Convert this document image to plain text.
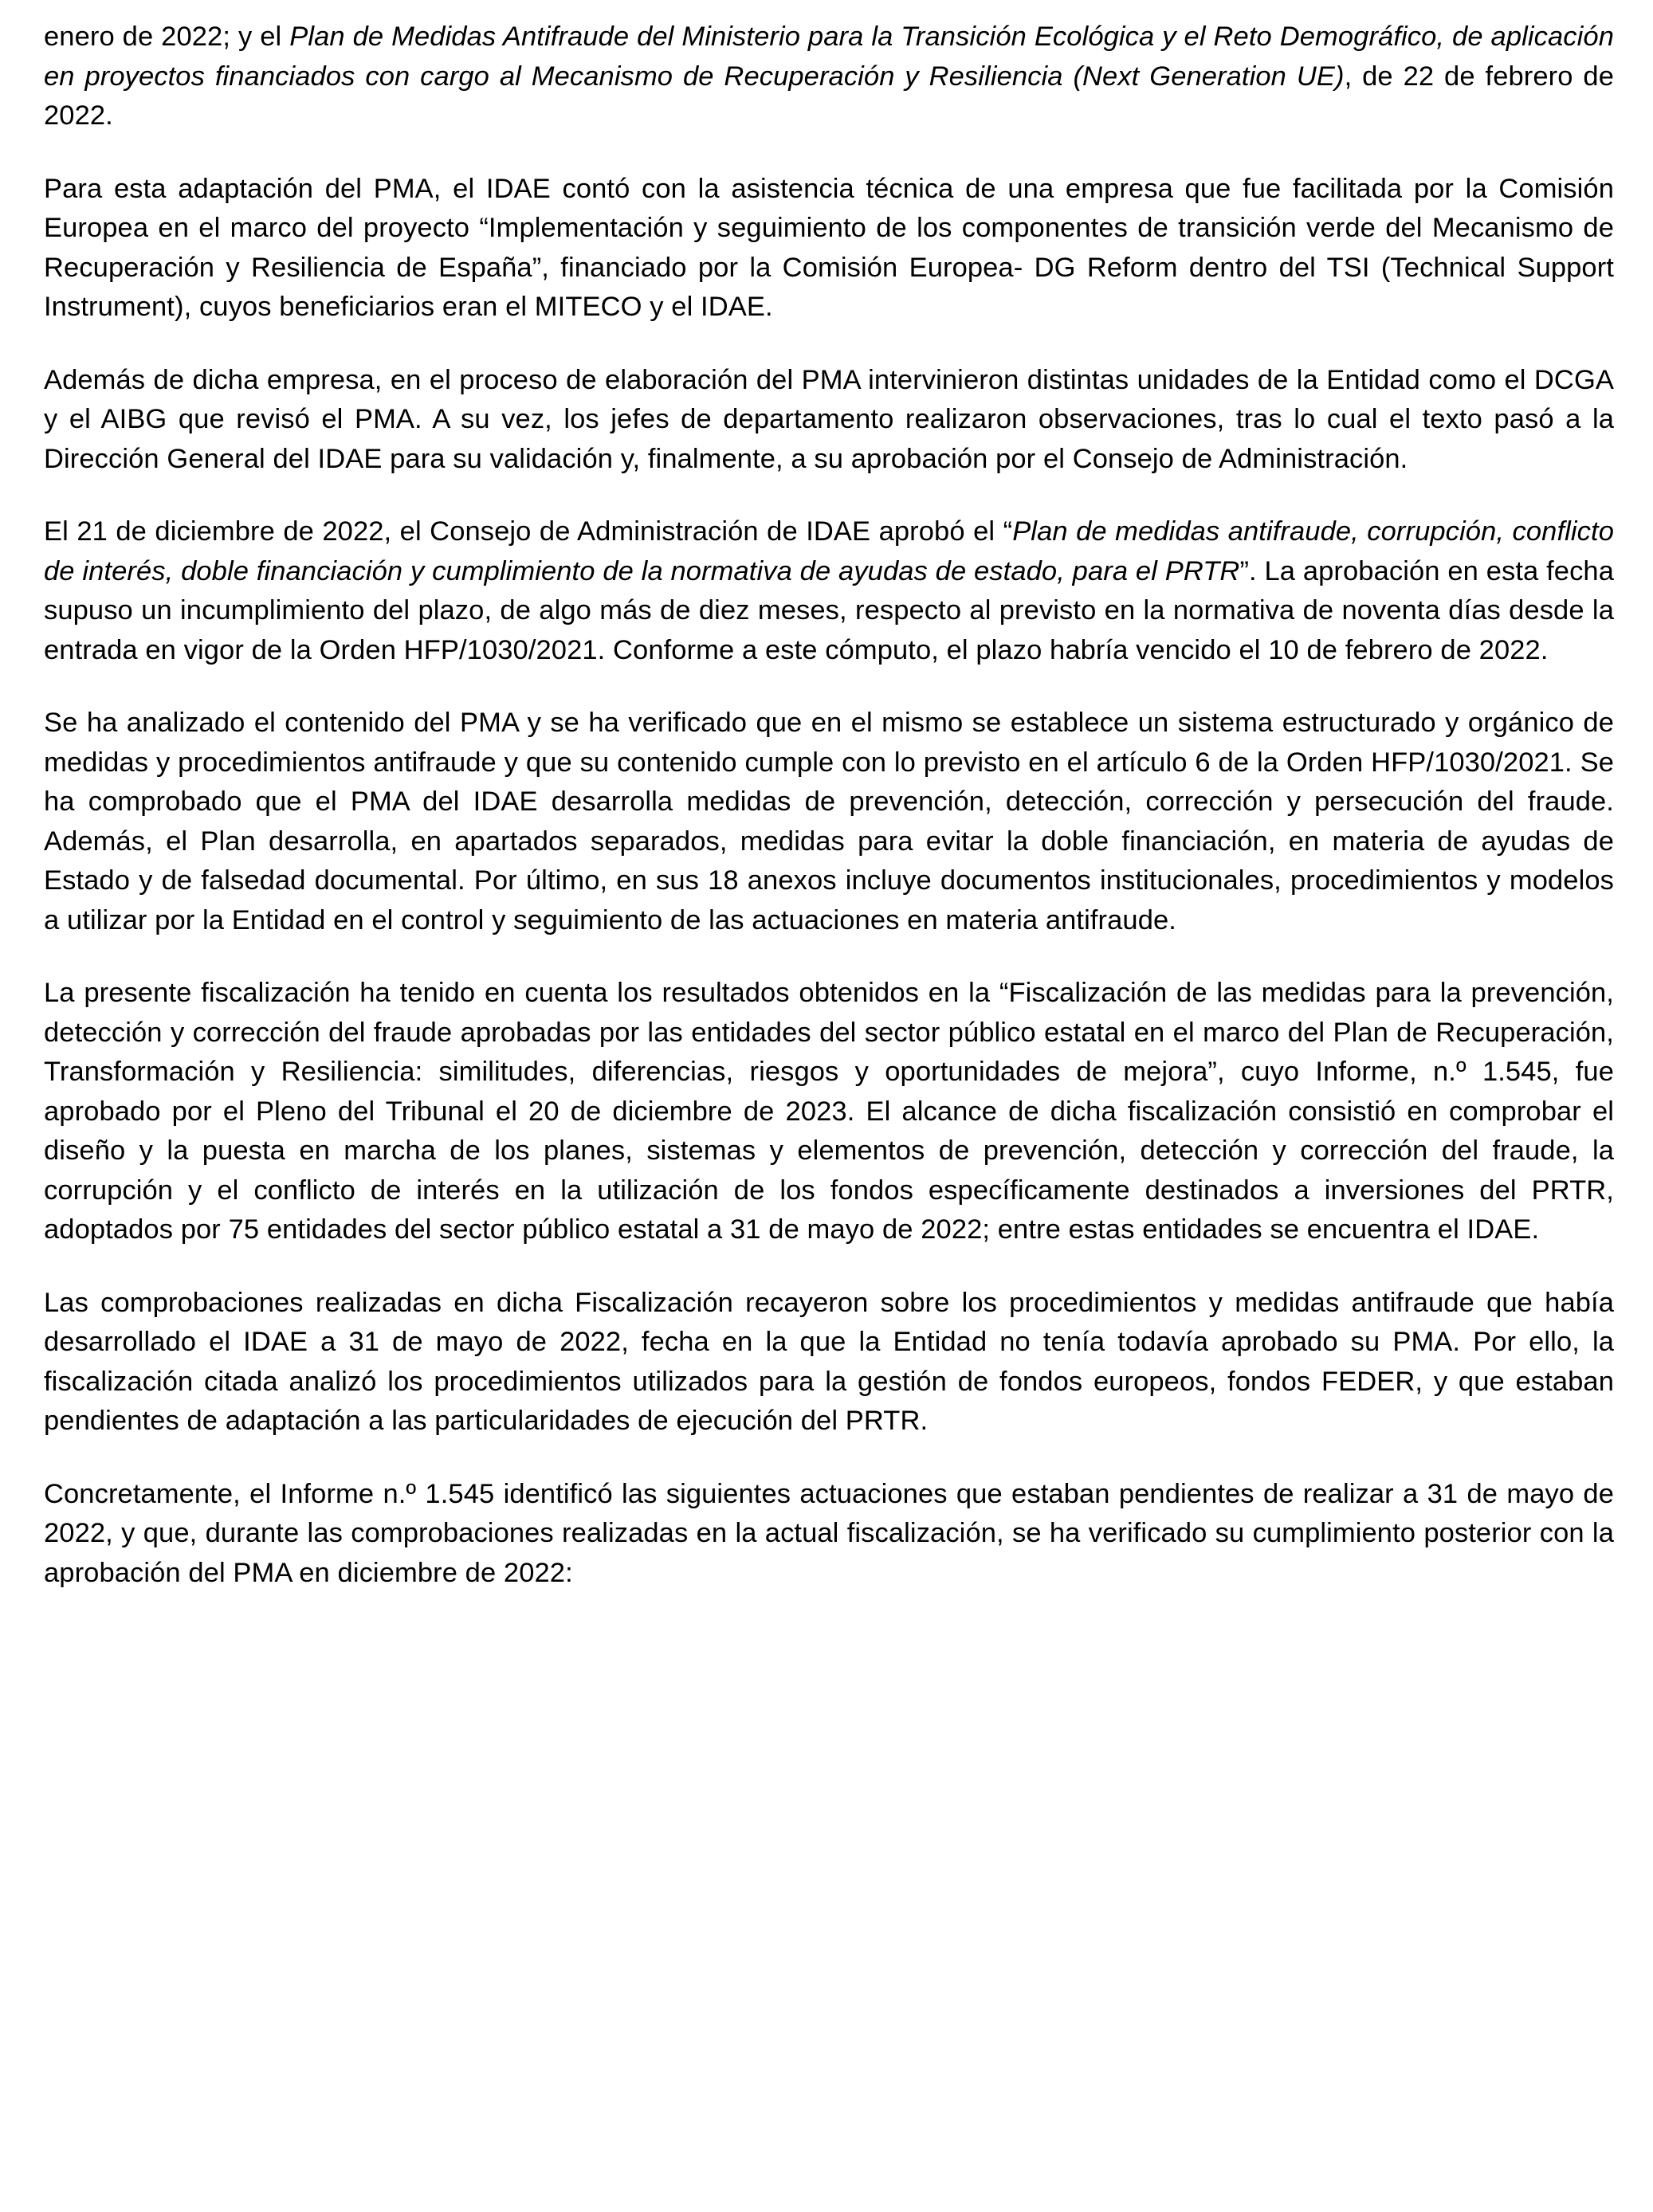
enero de 2022; y el Plan de Medidas Antifraude del Ministerio para la Transición Ecológica y el Reto Demográfico, de aplicación en proyectos financiados con cargo al Mecanismo de Recuperación y Resiliencia (Next Generation UE), de 22 de febrero de 2022.

Para esta adaptación del PMA, el IDAE contó con la asistencia técnica de una empresa que fue facilitada por la Comisión Europea en el marco del proyecto “Implementación y seguimiento de los componentes de transición verde del Mecanismo de Recuperación y Resiliencia de España”, financiado por la Comisión Europea- DG Reform dentro del TSI (Technical Support Instrument), cuyos beneficiarios eran el MITECO y el IDAE.

Además de dicha empresa, en el proceso de elaboración del PMA intervinieron distintas unidades de la Entidad como el DCGA y el AIBG que revisó el PMA. A su vez, los jefes de departamento realizaron observaciones, tras lo cual el texto pasó a la Dirección General del IDAE para su validación y, finalmente, a su aprobación por el Consejo de Administración.

El 21 de diciembre de 2022, el Consejo de Administración de IDAE aprobó el “Plan de medidas antifraude, corrupción, conflicto de interés, doble financiación y cumplimiento de la normativa de ayudas de estado, para el PRTR”. La aprobación en esta fecha supuso un incumplimiento del plazo, de algo más de diez meses, respecto al previsto en la normativa de noventa días desde la entrada en vigor de la Orden HFP/1030/2021. Conforme a este cómputo, el plazo habría vencido el 10 de febrero de 2022.

Se ha analizado el contenido del PMA y se ha verificado que en el mismo se establece un sistema estructurado y orgánico de medidas y procedimientos antifraude y que su contenido cumple con lo previsto en el artículo 6 de la Orden HFP/1030/2021. Se ha comprobado que el PMA del IDAE desarrolla medidas de prevención, detección, corrección y persecución del fraude. Además, el Plan desarrolla, en apartados separados, medidas para evitar la doble financiación, en materia de ayudas de Estado y de falsedad documental. Por último, en sus 18 anexos incluye documentos institucionales, procedimientos y modelos a utilizar por la Entidad en el control y seguimiento de las actuaciones en materia antifraude.

La presente fiscalización ha tenido en cuenta los resultados obtenidos en la “Fiscalización de las medidas para la prevención, detección y corrección del fraude aprobadas por las entidades del sector público estatal en el marco del Plan de Recuperación, Transformación y Resiliencia: similitudes, diferencias, riesgos y oportunidades de mejora”, cuyo Informe, n.º 1.545, fue aprobado por el Pleno del Tribunal el 20 de diciembre de 2023. El alcance de dicha fiscalización consistió en comprobar el diseño y la puesta en marcha de los planes, sistemas y elementos de prevención, detección y corrección del fraude, la corrupción y el conflicto de interés en la utilización de los fondos específicamente destinados a inversiones del PRTR, adoptados por 75 entidades del sector público estatal a 31 de mayo de 2022; entre estas entidades se encuentra el IDAE.

Las comprobaciones realizadas en dicha Fiscalización recayeron sobre los procedimientos y medidas antifraude que había desarrollado el IDAE a 31 de mayo de 2022, fecha en la que la Entidad no tenía todavía aprobado su PMA. Por ello, la fiscalización citada analizó los procedimientos utilizados para la gestión de fondos europeos, fondos FEDER, y que estaban pendientes de adaptación a las particularidades de ejecución del PRTR.

Concretamente, el Informe n.º 1.545 identificó las siguientes actuaciones que estaban pendientes de realizar a 31 de mayo de 2022, y que, durante las comprobaciones realizadas en la actual fiscalización, se ha verificado su cumplimiento posterior con la aprobación del PMA en diciembre de 2022:
